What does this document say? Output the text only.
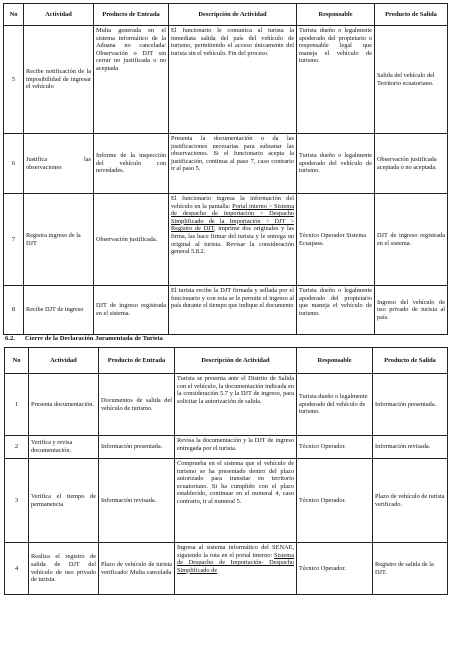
No	Actividad	Producto de Entrada	Descripción de Actividad	Responsable	Producto de Salida
5	Recibe notificación de la imposibilidad de ingresar el vehículo	Multa generada en el sistema informático de la Aduana no cancelada/ Observación o DJT sin cerrar no justificada o no aceptada	El funcionario le comunica al turista la inmediata salida del país del vehículo de turismo, permitiendo el acceso únicamente del turista sin el vehículo. Fin del proceso.	Turista dueño o legalmente apoderado del propietario o responsable legal que maneja el vehículo de turismo.	Salida del vehículo del Territorio ecuatoriano.
6	Justifica las observaciones	Informe de la inspección del vehículo con novedades.	Presenta la documentación o da las justificaciones necesarias para subsanar las observaciones. Si el funcionario acepta la justificación, continua al paso 7, caso contrario ir al paso 5.	Turista dueño o legalmente apoderado del vehículo de turismo.	Observación justificada aceptada o no aceptada.
7	Registra ingreso de la DJT	Observación justificada.	El funcionario ingresa la información del vehículo en la pantalla: Portal interno > Sistema de despacho de importación > Despacho Simplificado de la Importación > DJT > Registro de DJT, imprime dos originales y las firma, las hace firmar del turista y le entrega un original al turista. Revisar la consideración general 5.8.2.	Técnico Operador Sistema Ecuapass.	DJT de ingreso registrada en el sistema.
8	Recibe DJT de ingreso	DJT de ingreso registrada en el sistema.	El turista recibe la DJT firmada y sellada por el funcionario y con esta se le permite el ingreso al país durante el tiempo que indique el documento	Turista dueño o legalmente apoderado del propietario que maneja el vehículo de turismo.	Ingreso del vehículo de uso privado de turista al país.
6.2. Cierre de la Declaración Juramentada de Turista
No	Actividad	Producto de Entrada	Descripción de Actividad	Responsable	Producto de Salida
1	Presenta documentación.	Documentos de salida del vehículo de turismo.	Turista se presenta ante el Distrito de Salida con el vehículo, la documentación indicada en la consideración 5.7 y la DJT de ingreso, para solicitar la autorización de salida.	Turista dueño o legalmente apoderado del vehículo de turismo.	Información presentada.
2	Verifica y revisa documentación.	Información presentada.	Revisa la documentación y la DJT de ingreso entregada por el turista.	Técnico Operador.	Información revisada.
3	Verifica el tiempo de permanencia	Información revisada.	Comprueba en el sistema que el vehículo de turismo se ha presentado dentro del plazo autorizado para transitar en territorio ecuatoriano. Si ha cumplido con el plazo establecido, continuar en el numeral 4, caso contrario, ir al numeral 5.	Técnico Operador.	Plazo de vehículo de turista verificado.
4	Realiza el registro de salida de DJT del vehículo de uso privado de turista.	Plazo de vehículo de turista verificado/ Multa cancelada	Ingresa al sistema informático del SENAE, siguiendo la ruta en el portal interno: Sistema de Despacho de Importación- Despacho Simplificado de	Técnico Operador.	Registro de salida de la DJT.
